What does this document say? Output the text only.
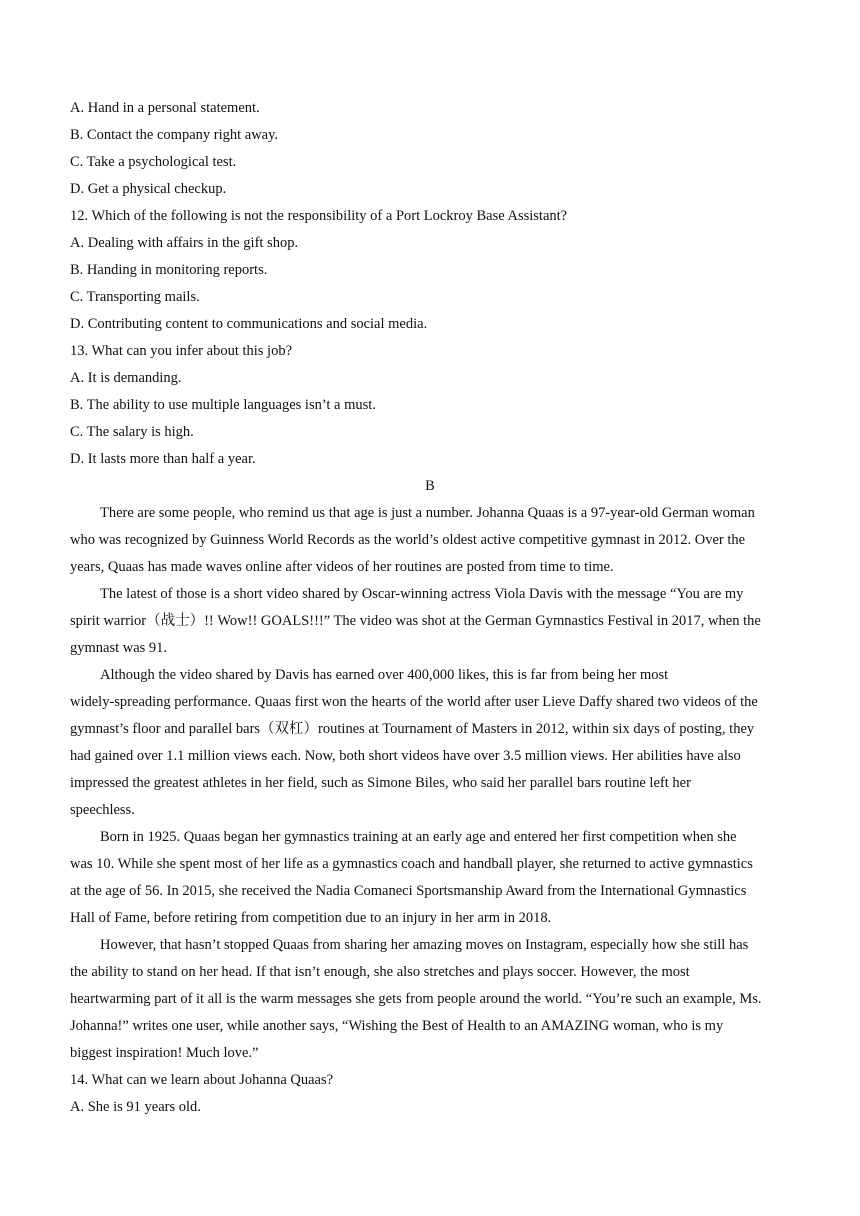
A. Hand in a personal statement.
B. Contact the company right away.
C. Take a psychological test.
D. Get a physical checkup.
12. Which of the following is not the responsibility of a Port Lockroy Base Assistant?
A. Dealing with affairs in the gift shop.
B. Handing in monitoring reports.
C. Transporting mails.
D. Contributing content to communications and social media.
13. What can you infer about this job?
A. It is demanding.
B. The ability to use multiple languages isn’t a must.
C. The salary is high.
D. It lasts more than half a year.
B
There are some people, who remind us that age is just a number. Johanna Quaas is a 97-year-old German woman
who was recognized by Guinness World Records as the world’s oldest active competitive gymnast in 2012. Over the
years, Quaas has made waves online after videos of her routines are posted from time to time.
The latest of those is a short video shared by Oscar-winning actress Viola Davis with the message “You are my
spirit warrior（战士）!! Wow!! GOALS!!!” The video was shot at the German Gymnastics Festival in 2017, when the
gymnast was 91.
Although the video shared by Davis has earned over 400,000 likes, this is far from being her most
widely-spreading performance. Quaas first won the hearts of the world after user Lieve Daffy shared two videos of the
gymnast’s floor and parallel bars（双杠）routines at Tournament of Masters in 2012, within six days of posting, they
had gained over 1.1 million views each. Now, both short videos have over 3.5 million views. Her abilities have also
impressed the greatest athletes in her field, such as Simone Biles, who said her parallel bars routine left her
speechless.
Born in 1925. Quaas began her gymnastics training at an early age and entered her first competition when she
was 10. While she spent most of her life as a gymnastics coach and handball player, she returned to active gymnastics
at the age of 56. In 2015, she received the Nadia Comaneci Sportsmanship Award from the International Gymnastics
Hall of Fame, before retiring from competition due to an injury in her arm in 2018.
However, that hasn’t stopped Quaas from sharing her amazing moves on Instagram, especially how she still has
the ability to stand on her head. If that isn’t enough, she also stretches and plays soccer. However, the most
heartwarming part of it all is the warm messages she gets from people around the world. “You’re such an example, Ms.
Johanna!” writes one user, while another says, “Wishing the Best of Health to an AMAZING woman, who is my
biggest inspiration! Much love.”
14. What can we learn about Johanna Quaas?
A. She is 91 years old.
